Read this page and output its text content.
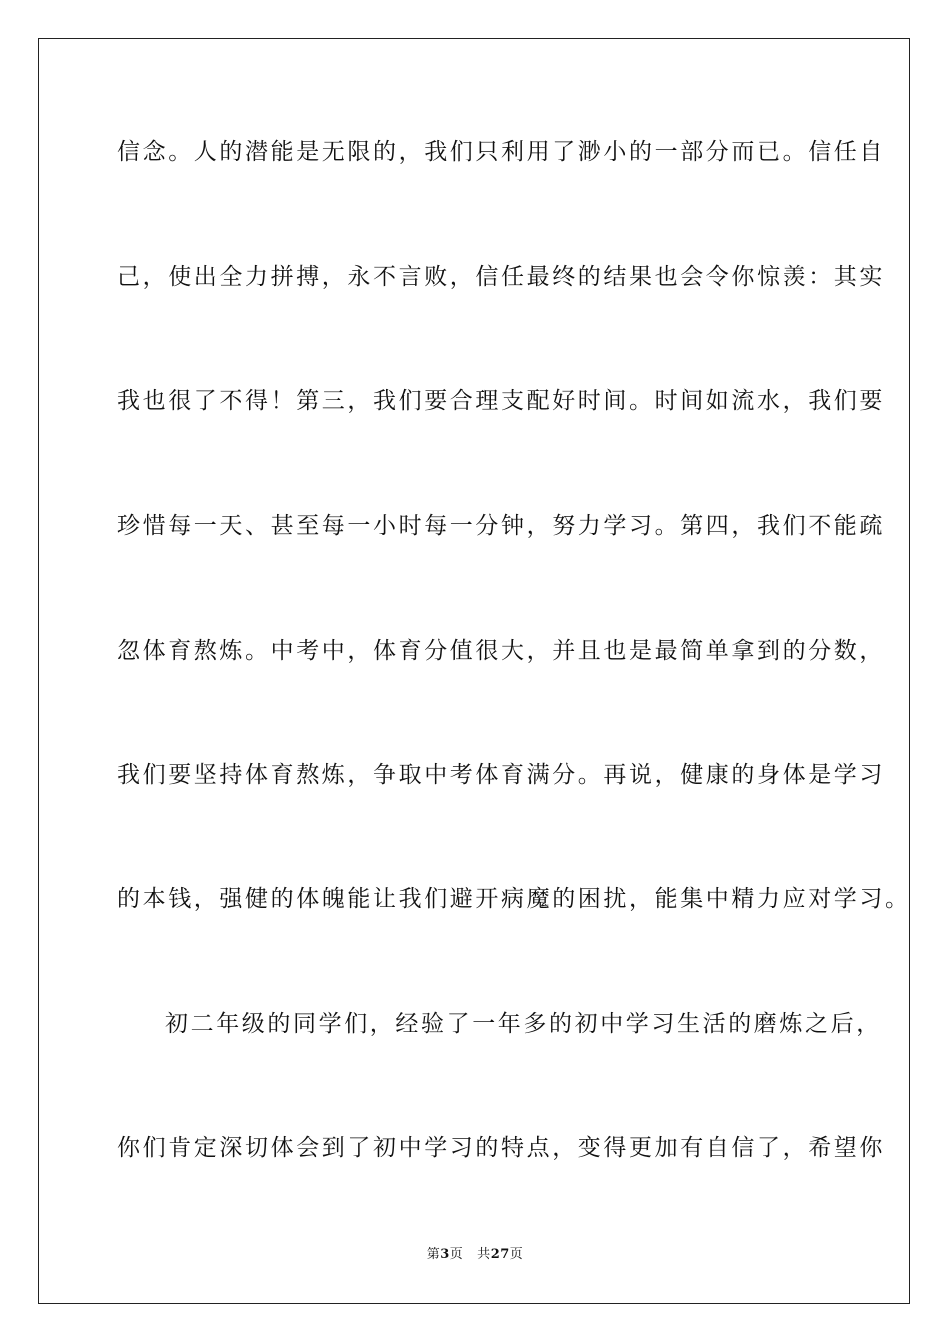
信念。人的潜能是无限的，我们只利用了渺小的一部分而已。信任自
己，使出全力拼搏，永不言败，信任最终的结果也会令你惊羡：其实
我也很了不得！第三，我们要合理支配好时间。时间如流水，我们要
珍惜每一天、甚至每一小时每一分钟，努力学习。第四，我们不能疏
忽体育熬炼。中考中，体育分值很大，并且也是最简单拿到的分数，
我们要坚持体育熬炼，争取中考体育满分。再说，健康的身体是学习
的本钱，强健的体魄能让我们避开病魔的困扰，能集中精力应对学习。
初二年级的同学们，经验了一年多的初中学习生活的磨炼之后，
你们肯定深切体会到了初中学习的特点，变得更加有自信了，希望你
第3页 共27页
